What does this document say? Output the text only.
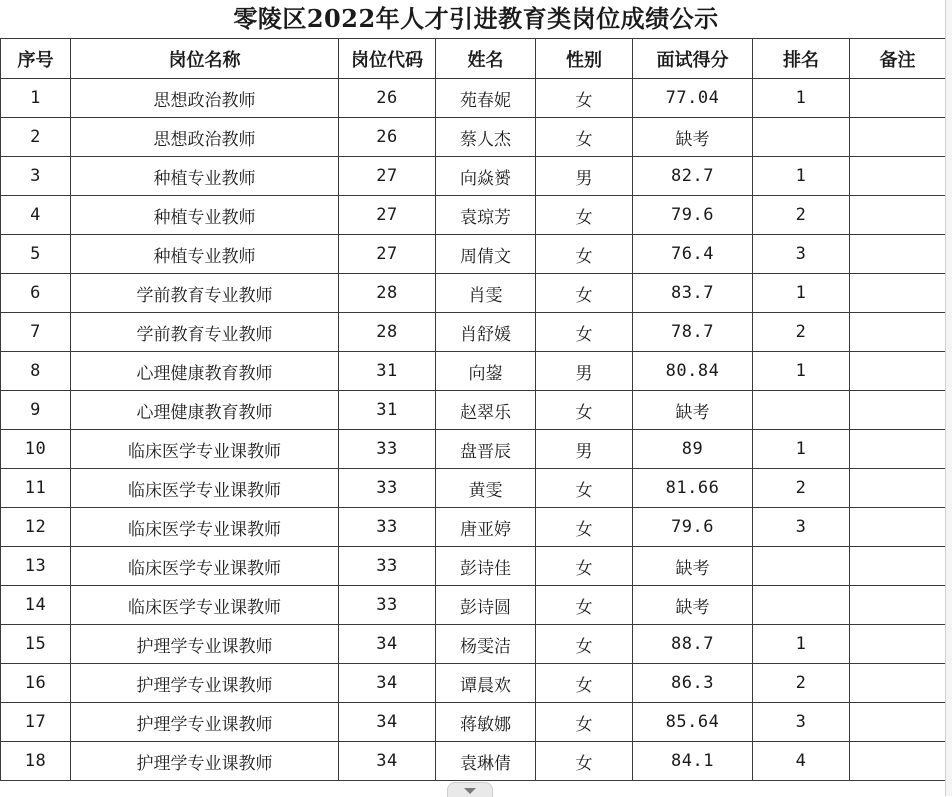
零陵区2022年人才引进教育类岗位成绩公示
序号	岗位名称	岗位代码	姓名	性别	面试得分	排名	备注
1	思想政治教师	26	苑春妮	女	77.04	1	
2	思想政治教师	26	蔡人杰	女	缺考		
3	种植专业教师	27	向焱赟	男	82.7	1	
4	种植专业教师	27	袁琼芳	女	79.6	2	
5	种植专业教师	27	周倩文	女	76.4	3	
6	学前教育专业教师	28	肖雯	女	83.7	1	
7	学前教育专业教师	28	肖舒媛	女	78.7	2	
8	心理健康教育教师	31	向鋆	男	80.84	1	
9	心理健康教育教师	31	赵翠乐	女	缺考		
10	临床医学专业课教师	33	盘晋辰	男	89	1	
11	临床医学专业课教师	33	黄雯	女	81.66	2	
12	临床医学专业课教师	33	唐亚婷	女	79.6	3	
13	临床医学专业课教师	33	彭诗佳	女	缺考		
14	临床医学专业课教师	33	彭诗圆	女	缺考		
15	护理学专业课教师	34	杨雯洁	女	88.7	1	
16	护理学专业课教师	34	谭晨欢	女	86.3	2	
17	护理学专业课教师	34	蒋敏娜	女	85.64	3	
18	护理学专业课教师	34	袁琳倩	女	84.1	4	
